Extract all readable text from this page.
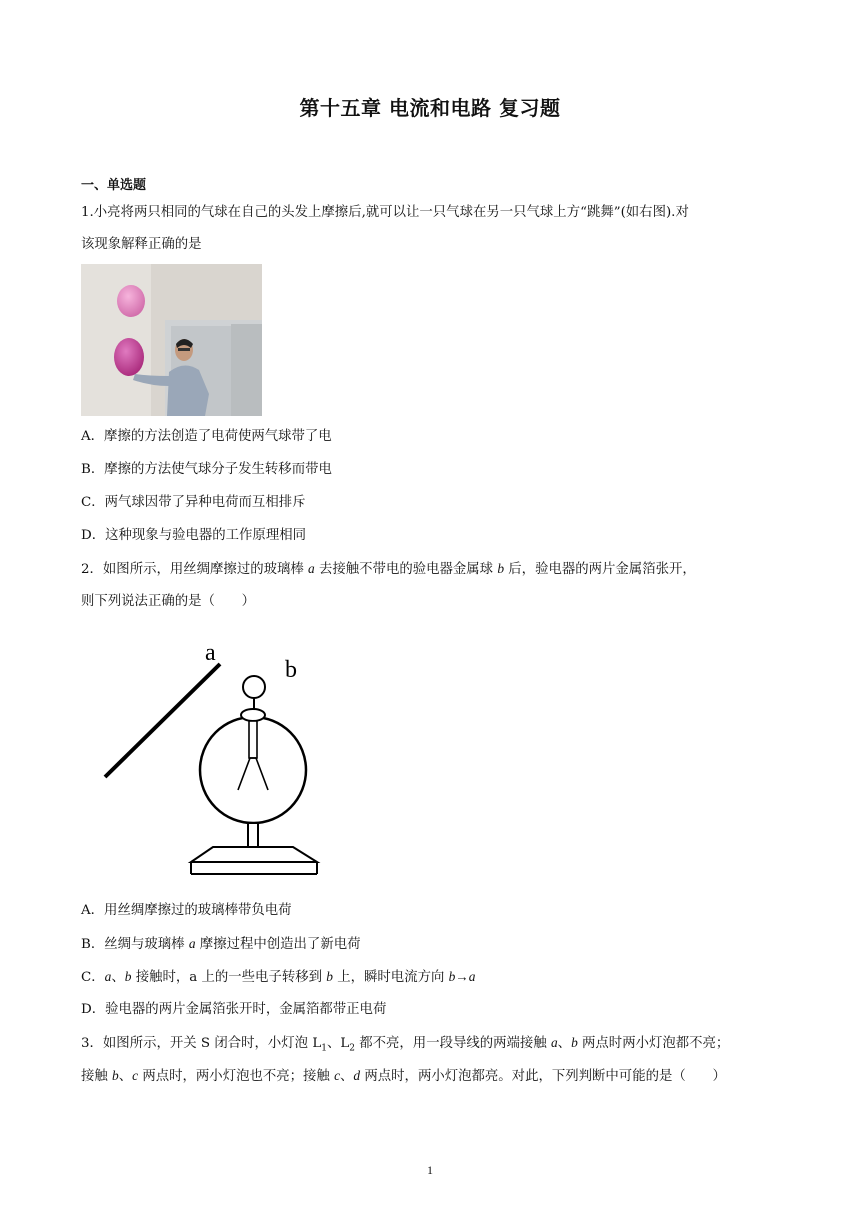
第十五章 电流和电路 复习题
一、单选题
1.小亮将两只相同的气球在自己的头发上摩擦后,就可以让一只气球在另一只气球上方“跳舞”(如右图).对
该现象解释正确的是
A．摩擦的方法创造了电荷使两气球带了电
B．摩擦的方法使气球分子发生转移而带电
C．两气球因带了异种电荷而互相排斥
D．这种现象与验电器的工作原理相同
2．如图所示，用丝绸摩擦过的玻璃棒 a 去接触不带电的验电器金属球 b 后，验电器的两片金属箔张开，
则下列说法正确的是（　　）
a
b
A．用丝绸摩擦过的玻璃棒带负电荷
B．丝绸与玻璃棒 a 摩擦过程中创造出了新电荷
C．a、b 接触时，a 上的一些电子转移到 b 上，瞬时电流方向 b→a
D．验电器的两片金属箔张开时，金属箔都带正电荷
3．如图所示，开关 S 闭合时，小灯泡 $L_1$、$L_2$ 都不亮，用一段导线的两端接触 a、b 两点时两小灯泡都不亮；
接触 b、c 两点时，两小灯泡也不亮；接触 c、d 两点时，两小灯泡都亮。对此，下列判断中可能的是（　　）
1
